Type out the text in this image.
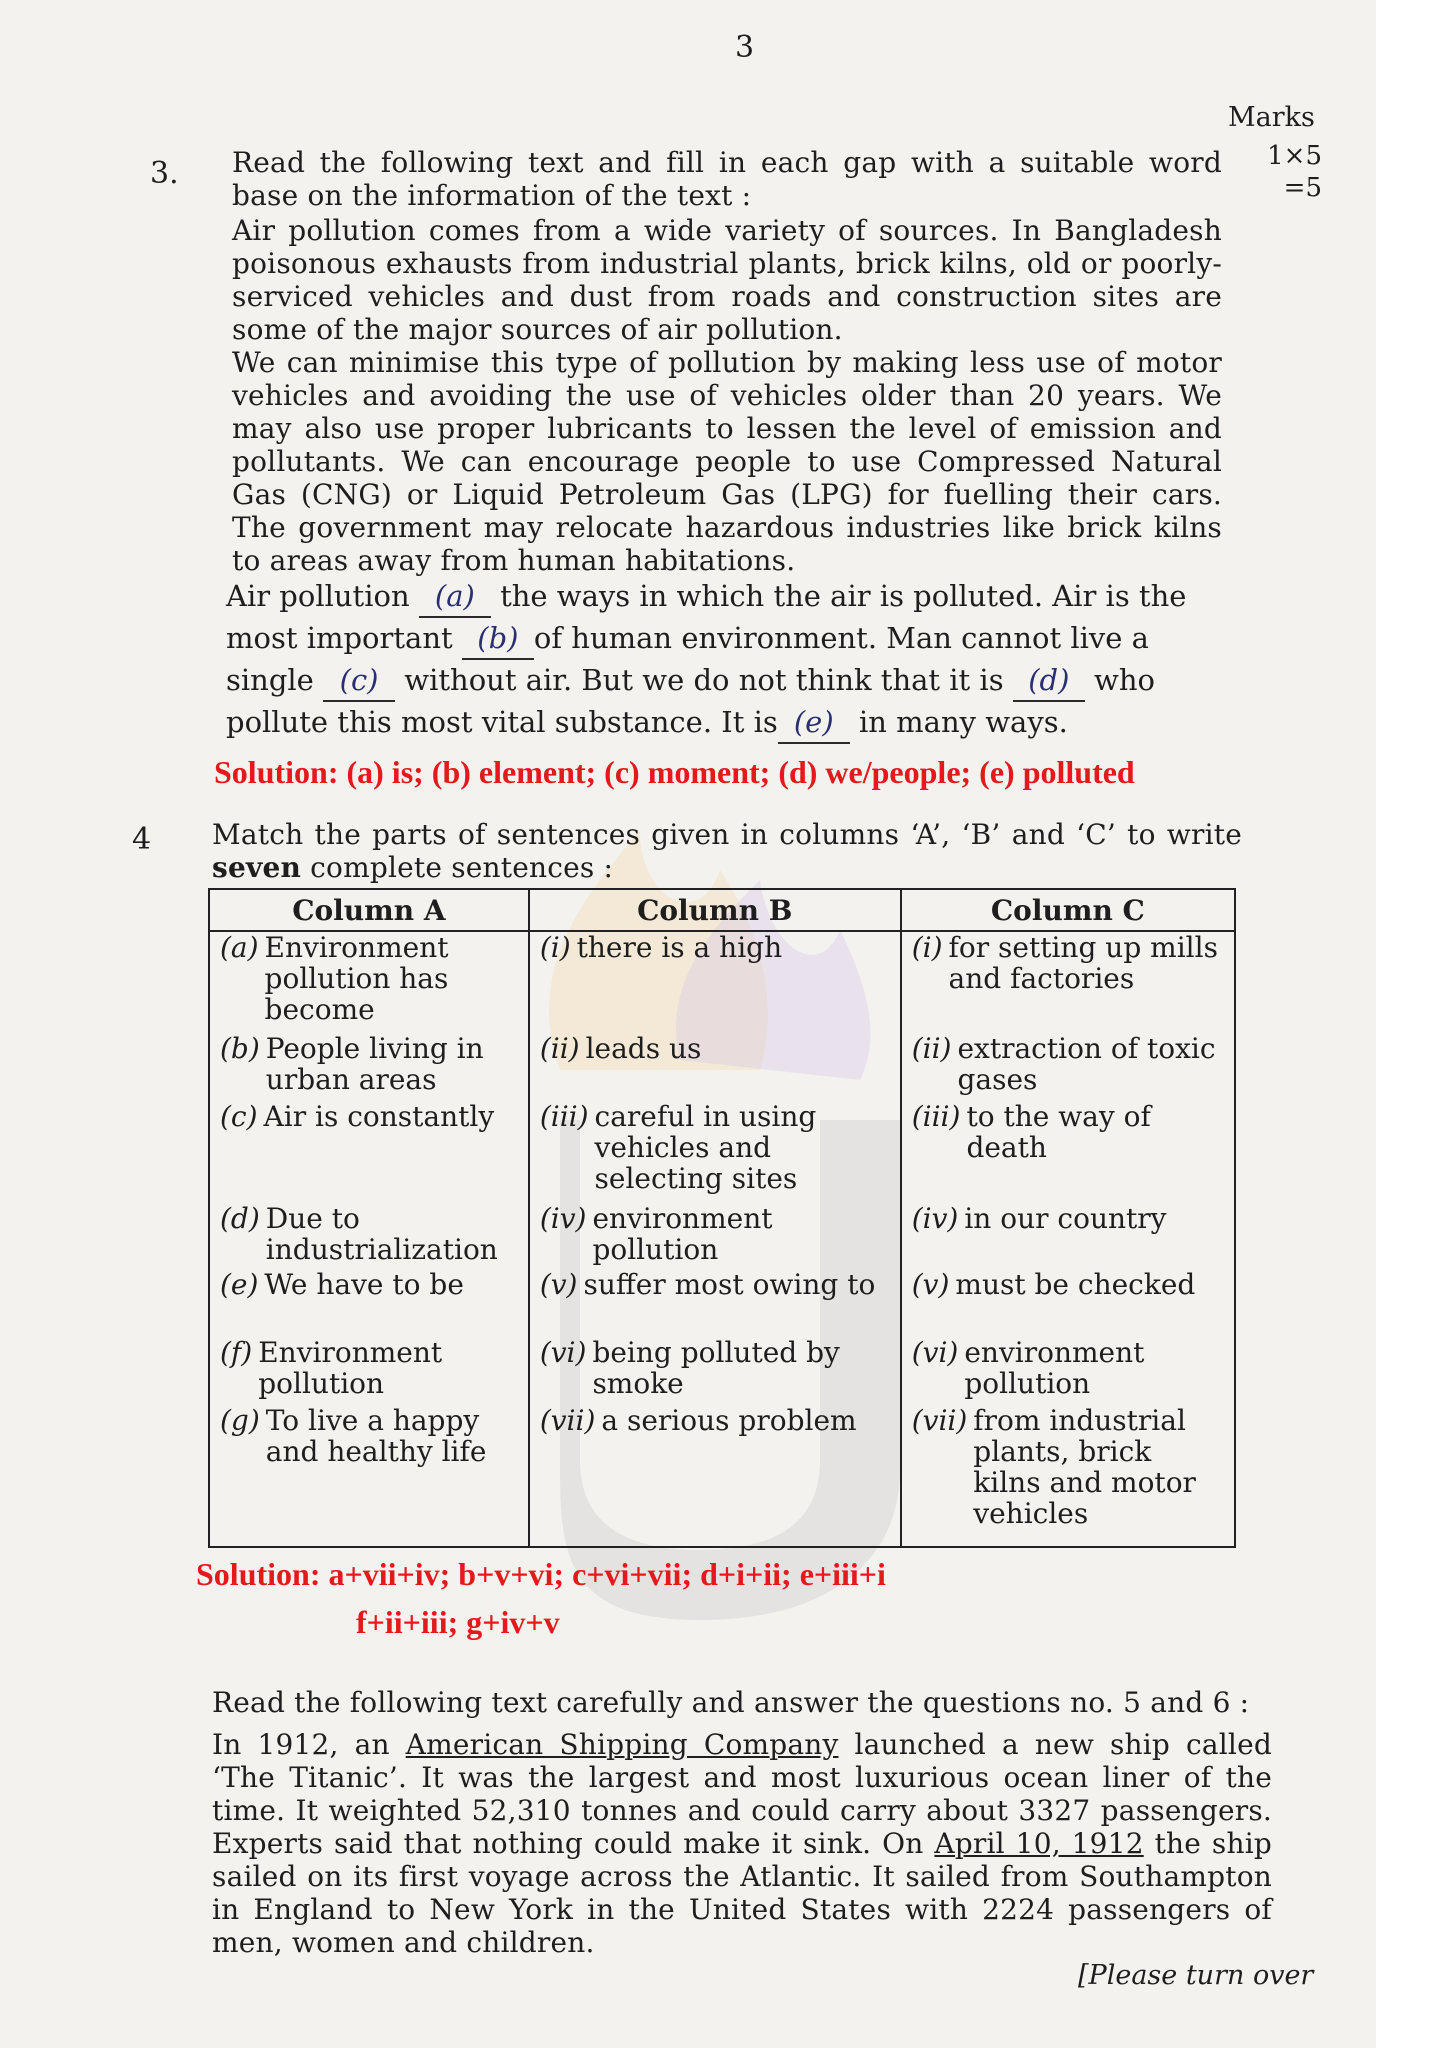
3
Marks
1×5
=5
3. Read the following text and fill in each gap with a suitable word base on the information of the text :
Air pollution comes from a wide variety of sources. In Bangladesh poisonous exhausts from industrial plants, brick kilns, old or poorly-serviced vehicles and dust from roads and construction sites are some of the major sources of air pollution.
We can minimise this type of pollution by making less use of motor vehicles and avoiding the use of vehicles older than 20 years. We may also use proper lubricants to lessen the level of emission and pollutants. We can encourage people to use Compressed Natural Gas (CNG) or Liquid Petroleum Gas (LPG) for fuelling their cars. The government may relocate hazardous industries like brick kilns to areas away from human habitations.
Air pollution (a) the ways in which the air is polluted. Air is the
most important (b) of human environment. Man cannot live a
single (c) without air. But we do not think that it is (d) who
pollute this most vital substance. It is (e) in many ways.
Solution: (a) is; (b) element; (c) moment; (d) we/people; (e) polluted
4 Match the parts of sentences given in columns ‘A’, ‘B’ and ‘C’ to write seven complete sentences :
Column A	Column B	Column C

(a) Environment pollution has become	(i) there is a high	(i) for setting up mills and factories

(b) People living in urban areas	(ii) leads us	(ii) extraction of toxic gases

(c) Air is constantly	(iii) careful in using vehicles and selecting sites	(iii) to the way of death

(d) Due to industrialization	(iv) environment pollution	(iv) in our country

(e) We have to be	(v) suffer most owing to	(v) must be checked

(f) Environment pollution	(vi) being polluted by smoke	(vi) environment pollution

(g) To live a happy and healthy life	(vii) a serious problem	(vii) from industrial plants, brick kilns and motor vehicles
Solution: a+vii+iv; b+v+vi; c+vi+vii; d+i+ii; e+iii+i
f+ii+iii; g+iv+v
Read the following text carefully and answer the questions no. 5 and 6 :
In 1912, an American Shipping Company launched a new ship called ‘The Titanic’. It was the largest and most luxurious ocean liner of the time. It weighted 52,310 tonnes and could carry about 3327 passengers. Experts said that nothing could make it sink. On April 10, 1912 the ship sailed on its first voyage across the Atlantic. It sailed from Southampton in England to New York in the United States with 2224 passengers of men, women and children.
[Please turn over
